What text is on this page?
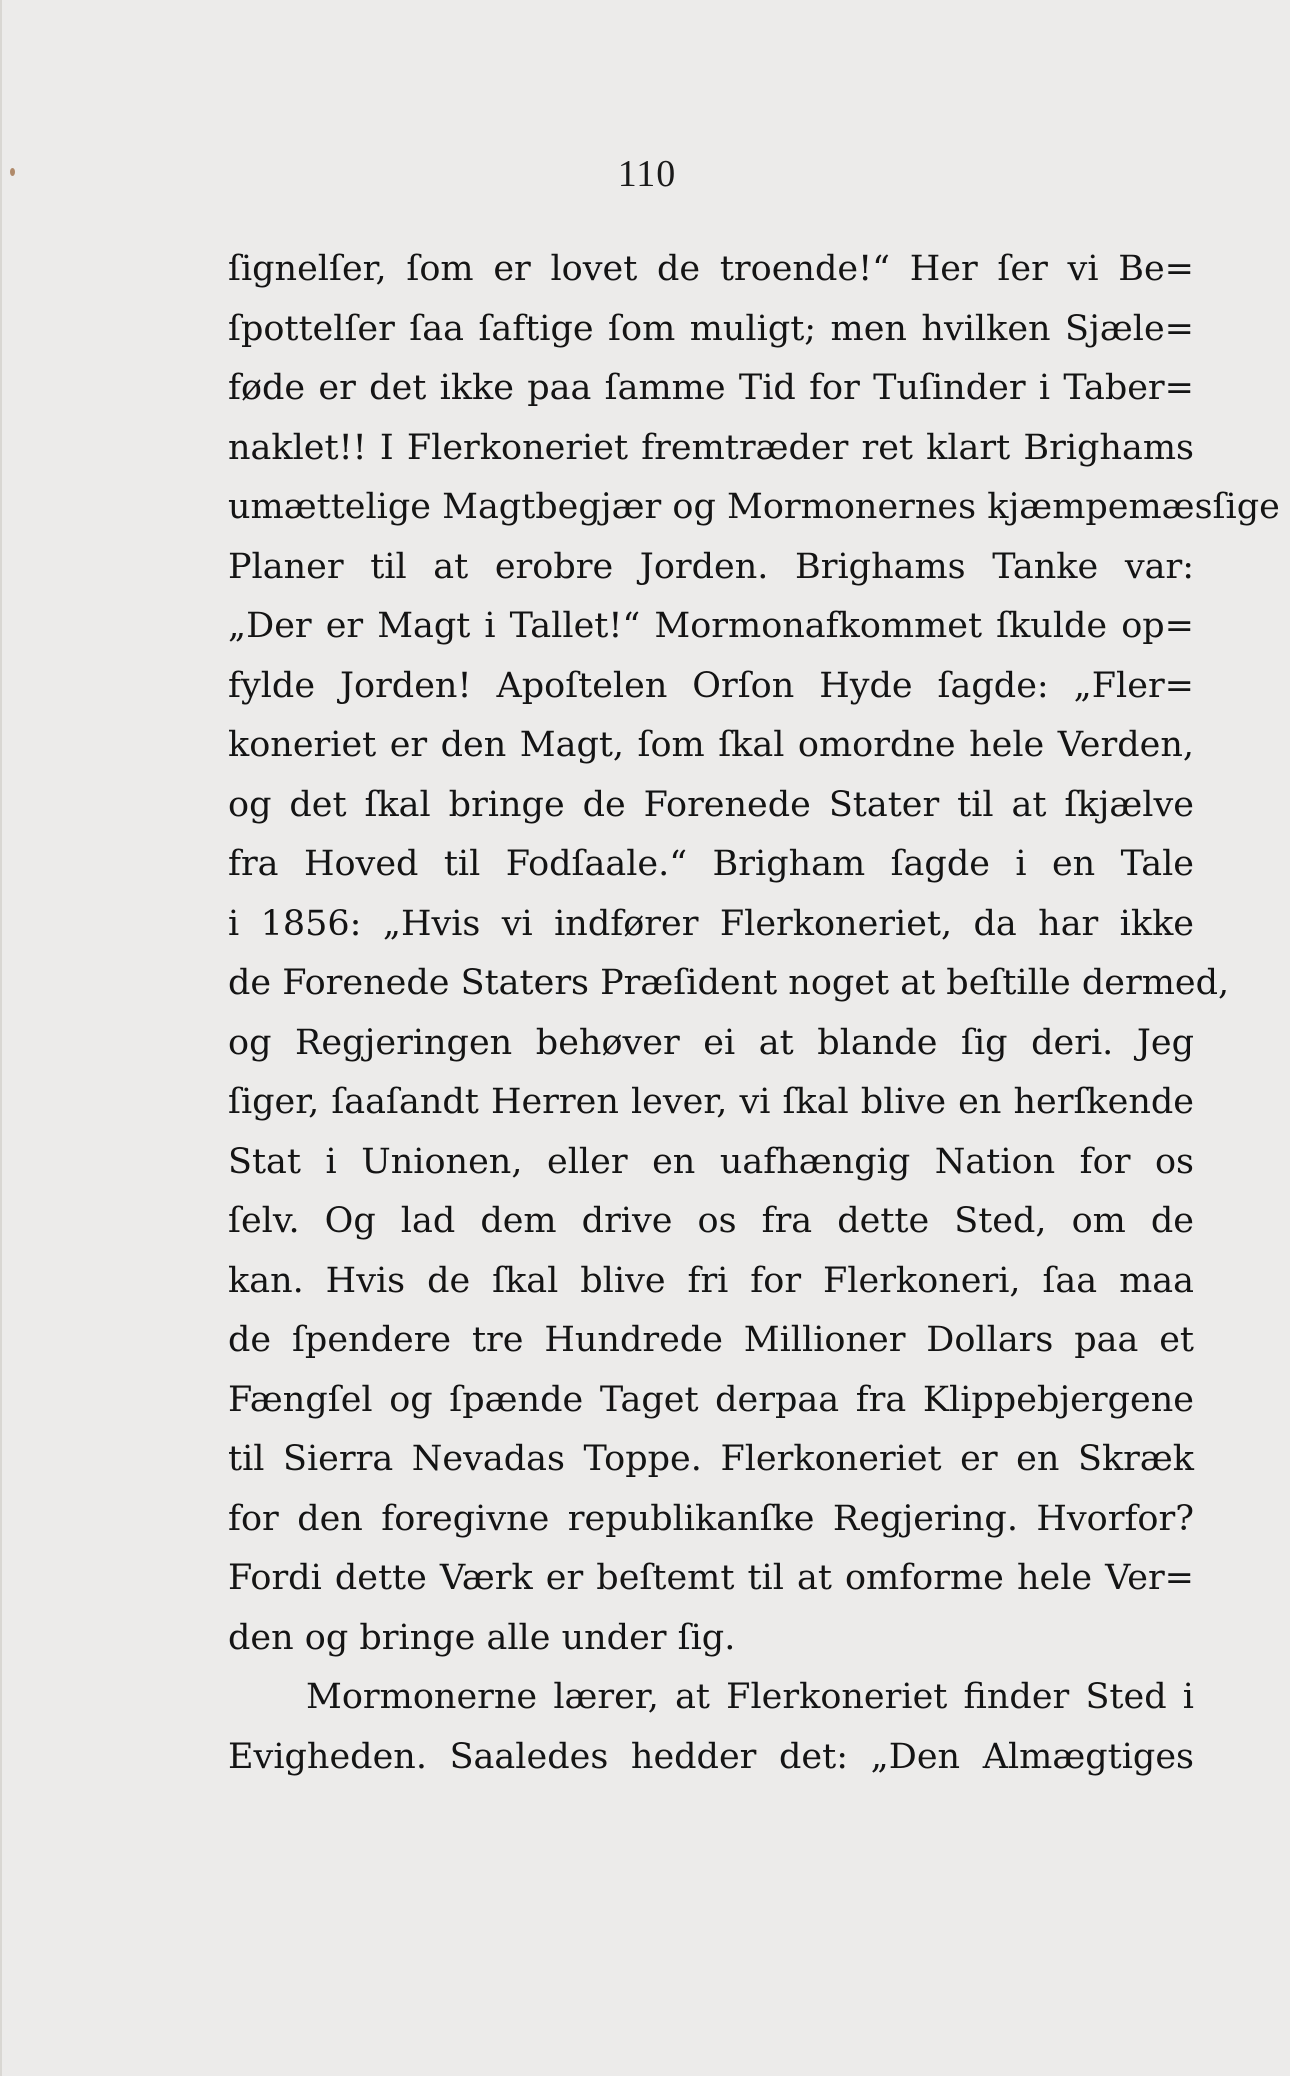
110
ſignelſer, ſom er lovet de troende!“ Her ſer vi Be=
ſpottelſer ſaa ſaftige ſom muligt; men hvilken Sjæle=
føde er det ikke paa ſamme Tid for Tuſinder i Taber=
naklet!! I Flerkoneriet fremtræder ret klart Brighams
umættelige Magtbegjær og Mormonernes kjæmpemæsſige
Planer til at erobre Jorden. Brighams Tanke var:
„Der er Magt i Tallet!“ Mormonafkommet ſkulde op=
fylde Jorden! Apoſtelen Orſon Hyde ſagde: „Fler=
koneriet er den Magt, ſom ſkal omordne hele Verden,
og det ſkal bringe de Forenede Stater til at ſkjælve
fra Hoved til Fodſaale.“ Brigham ſagde i en Tale
i 1856: „Hvis vi indfører Flerkoneriet, da har ikke
de Forenede Staters Præſident noget at beſtille dermed,
og Regjeringen behøver ei at blande ſig deri. Jeg
ſiger, ſaaſandt Herren lever, vi ſkal blive en herſkende
Stat i Unionen, eller en uafhængig Nation for os
ſelv. Og lad dem drive os fra dette Sted, om de
kan. Hvis de ſkal blive fri for Flerkoneri, ſaa maa
de ſpendere tre Hundrede Millioner Dollars paa et
Fængſel og ſpænde Taget derpaa fra Klippebjergene
til Sierra Nevadas Toppe. Flerkoneriet er en Skræk
for den foregivne republikanſke Regjering. Hvorfor?
Fordi dette Værk er beſtemt til at omforme hele Ver=
den og bringe alle under ſig.
Mormonerne lærer, at Flerkoneriet finder Sted i
Evigheden. Saaledes hedder det: „Den Almægtiges
